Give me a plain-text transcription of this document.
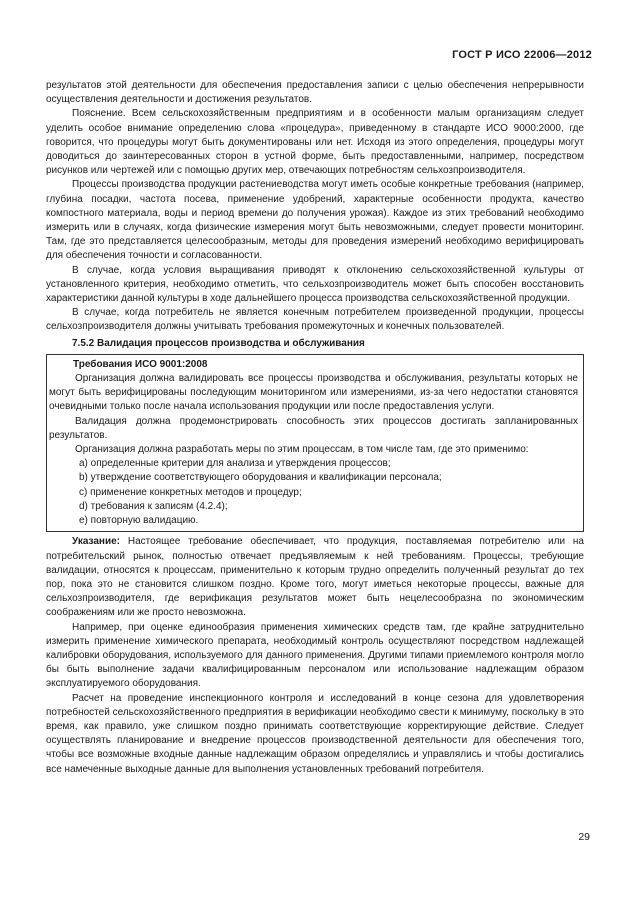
ГОСТ Р ИСО 22006—2012

результатов этой деятельности для обеспечения предоставления записи с целью обеспечения непрерывности осуществления деятельности и достижения результатов.

Пояснение. Всем сельскохозяйственным предприятиям и в особенности малым организациям следует уделить особое внимание определению слова «процедура», приведенному в стандарте ИСО 9000:2000, где говорится, что процедуры могут быть документированы или нет. Исходя из этого определения, процедуры могут доводиться до заинтересованных сторон в устной форме, быть предоставленными, например, посредством рисунков или чертежей или с помощью других мер, отвечающих потребностям сельхозпроизводителя.

Процессы производства продукции растениеводства могут иметь особые конкретные требования (например, глубина посадки, частота посева, применение удобрений, характерные особенности продукта, качество компостного материала, воды и период времени до получения урожая). Каждое из этих требований необходимо измерить или в случаях, когда физические измерения могут быть невозможными, следует провести мониторинг. Там, где это представляется целесообразным, методы для проведения измерений необходимо верифицировать для обеспечения точности и согласованности.

В случае, когда условия выращивания приводят к отклонению сельскохозяйственной культуры от установленного критерия, необходимо отметить, что сельхозпроизводитель может быть способен восстановить характеристики данной культуры в ходе дальнейшего процесса производства сельскохозяйственной продукции.

В случае, когда потребитель не является конечным потребителем произведенной продукции, процессы сельхозпроизводителя должны учитывать требования промежуточных и конечных пользователей.

7.5.2 Валидация процессов производства и обслуживания
Требования ИСО 9001:2008

Организация должна валидировать все процессы производства и обслуживания, результаты которых не могут быть верифицированы последующим мониторингом или измерениями, из-за чего недостатки становятся очевидными только после начала использования продукции или после предоставления услуги.

Валидация должна продемонстрировать способность этих процессов достигать запланированных результатов.

Организация должна разработать меры по этим процессам, в том числе там, где это применимо:

a) определенные критерии для анализа и утверждения процессов;
b) утверждение соответствующего оборудования и квалификации персонала;
c) применение конкретных методов и процедур;
d) требования к записям (4.2.4);
e) повторную валидацию.

Указание: Настоящее требование обеспечивает, что продукция, поставляемая потребителю или на потребительский рынок, полностью отвечает предъявляемым к ней требованиям. Процессы, требующие валидации, относятся к процессам, применительно к которым трудно определить полученный результат до тех пор, пока это не становится слишком поздно. Кроме того, могут иметься некоторые процессы, важные для сельхозпроизводителя, где верификация результатов может быть нецелесообразна по экономическим соображениям или же просто невозможна.

Например, при оценке единообразия применения химических средств там, где крайне затруднительно измерить применение химического препарата, необходимый контроль осуществляют посредством надлежащей калибровки оборудования, используемого для данного применения. Другими типами приемлемого контроля могло бы быть выполнение задачи квалифицированным персоналом или использование надлежащим образом эксплуатируемого оборудования.

Расчет на проведение инспекционного контроля и исследований в конце сезона для удовлетворения потребностей сельскохозяйственного предприятия в верификации необходимо свести к минимуму, поскольку в это время, как правило, уже слишком поздно принимать соответствующие корректирующие действие. Следует осуществлять планирование и внедрение процессов производственной деятельности для обеспечения того, чтобы все возможные входные данные надлежащим образом определялись и управлялись и чтобы достигались все намеченные выходные данные для выполнения установленных требований потребителя.

29
